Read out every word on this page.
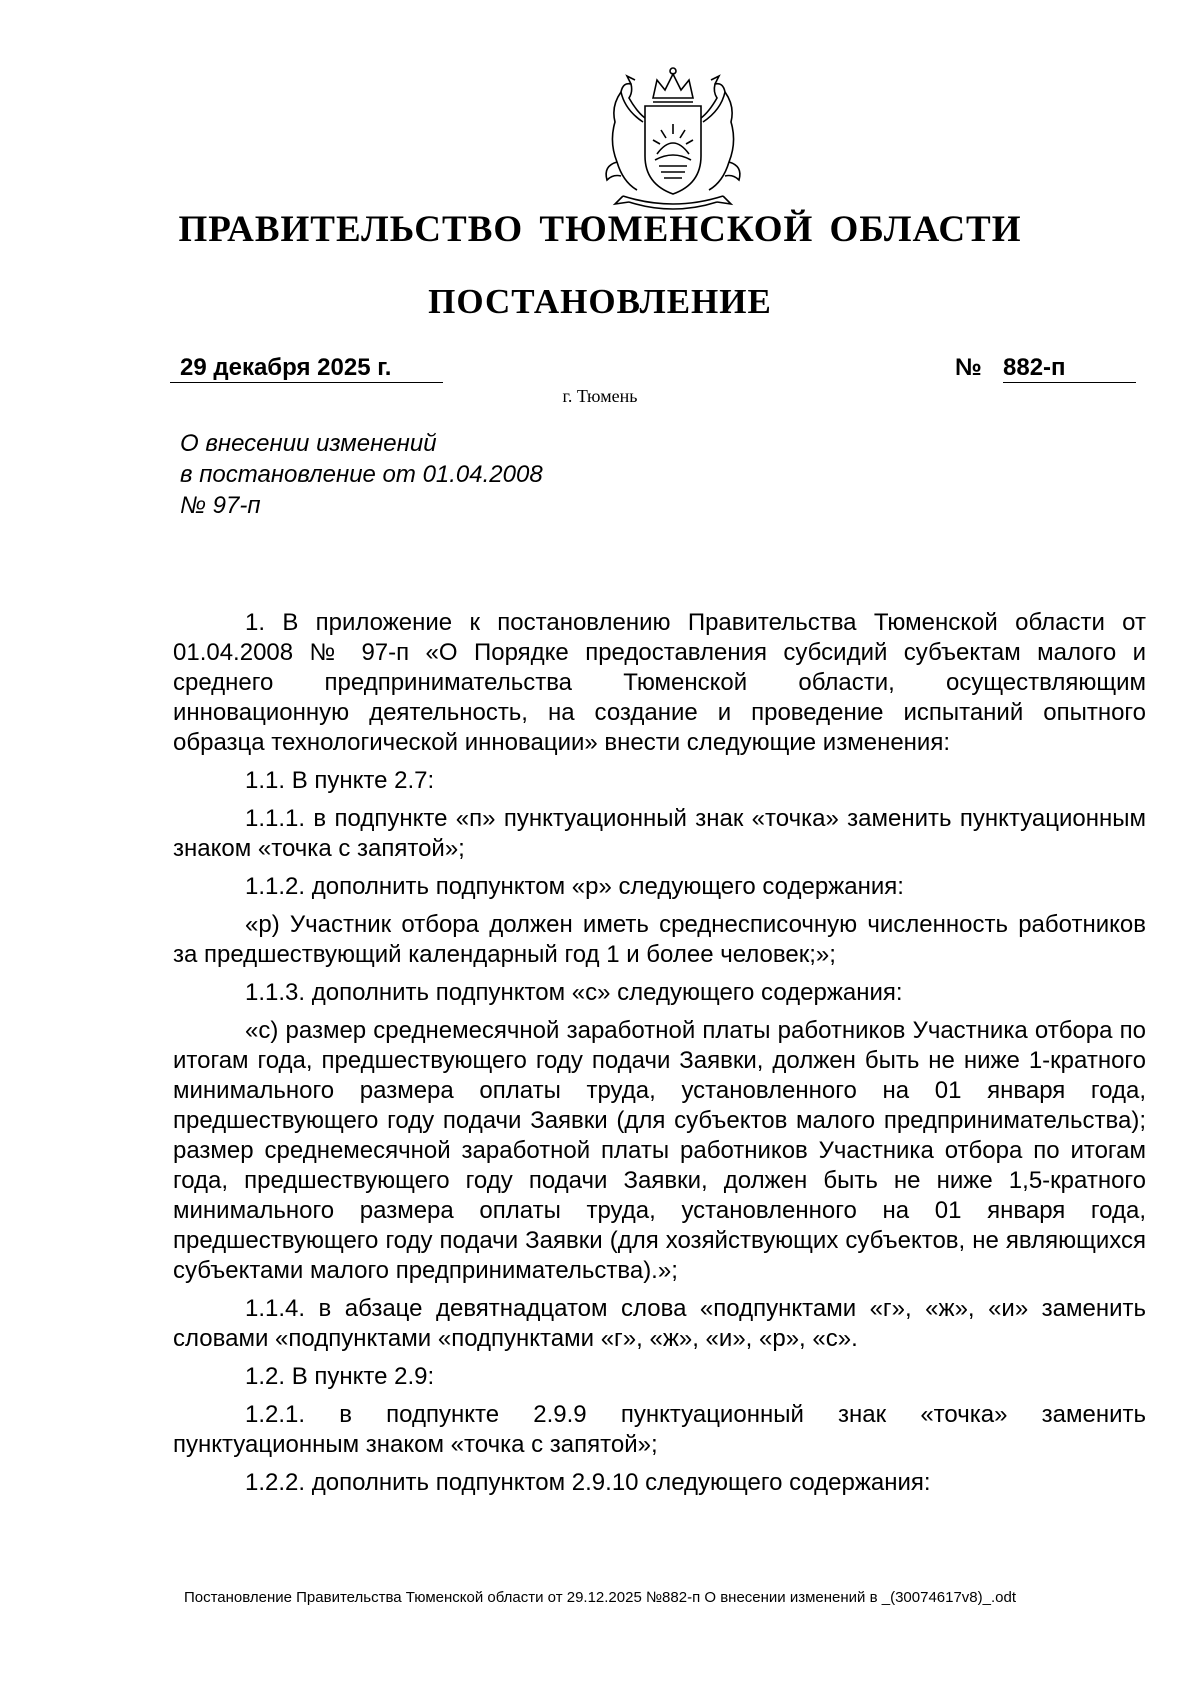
ПРАВИТЕЛЬСТВО ТЮМЕНСКОЙ ОБЛАСТИ
ПОСТАНОВЛЕНИЕ
29 декабря 2025 г.	№ 882-п
г. Тюмень
О внесении изменений
в постановление от 01.04.2008
№ 97-п

1. В приложение к постановлению Правительства Тюменской области от 01.04.2008 № 97-п «О Порядке предоставления субсидий субъектам малого и среднего предпринимательства Тюменской области, осуществляющим инновационную деятельность, на создание и проведение испытаний опытного образца технологической инновации» внести следующие изменения:

1.1. В пункте 2.7:

1.1.1. в подпункте «п» пунктуационный знак «точка» заменить пунктуационным знаком «точка с запятой»;

1.1.2. дополнить подпунктом «р» следующего содержания:

«р) Участник отбора должен иметь среднесписочную численность работников за предшествующий календарный год 1 и более человек;»;

1.1.3. дополнить подпунктом «с» следующего содержания:

«с) размер среднемесячной заработной платы работников Участника отбора по итогам года, предшествующего году подачи Заявки, должен быть не ниже 1-кратного минимального размера оплаты труда, установленного на 01 января года, предшествующего году подачи Заявки (для субъектов малого предпринимательства); размер среднемесячной заработной платы работников Участника отбора по итогам года, предшествующего году подачи Заявки, должен быть не ниже 1,5-кратного минимального размера оплаты труда, установленного на 01 января года, предшествующего году подачи Заявки (для хозяйствующих субъектов, не являющихся субъектами малого предпринимательства).»;

1.1.4. в абзаце девятнадцатом слова «подпунктами «г», «ж», «и» заменить словами «подпунктами «подпунктами «г», «ж», «и», «р», «с».

1.2. В пункте 2.9:

1.2.1. в подпункте 2.9.9 пунктуационный знак «точка» заменить пунктуационным знаком «точка с запятой»;

1.2.2. дополнить подпунктом 2.9.10 следующего содержания:

Постановление Правительства Тюменской области от 29.12.2025 №882-п О внесении изменений в _(30074617v8)_.odt
